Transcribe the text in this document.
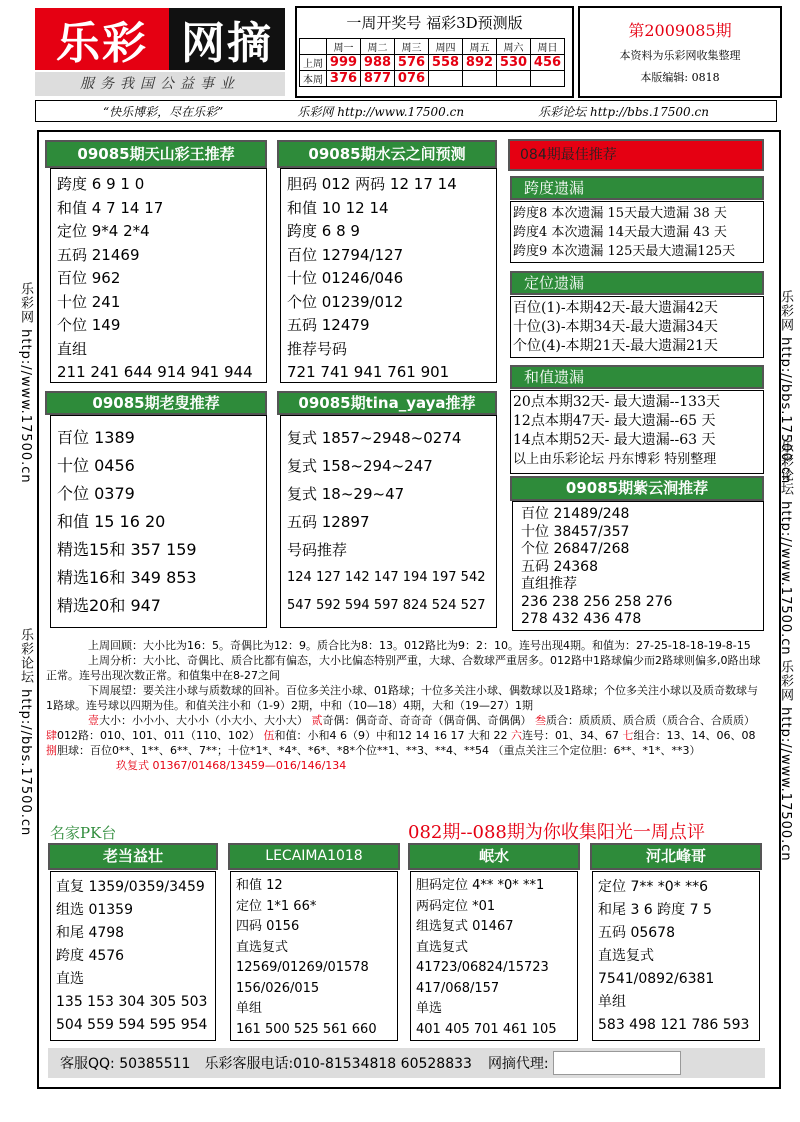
乐彩 网摘
服务我国公益事业
一周开奖号 福彩3D预测版
	周一	周二	周三	周四	周五	周六	周日
上周	999	988	576	558	892	530	456
本周	376	877	076				
第2009085期
本资料为乐彩网收集整理
本版编辑: 0818
“快乐博彩，尽在乐彩”	乐彩网 http://www.17500.cn	乐彩论坛 http://bbs.17500.cn
乐彩网 http://www.17500.cn
乐彩论坛 http://bbs.17500.cn
乐彩网 http://bbs.17500.cn
乐彩论坛 http://www.17500.cn
乐彩网 http://www.17500.cn
09085期天山彩王推荐
跨度 6 9 1 0
和值 4 7 14 17
定位 9*4 2*4
五码 21469
百位 962
十位 241
个位 149
直组
211 241 644 914 941 944
09085期水云之间预测
胆码 012 两码 12 17 14
和值 10 12 14
跨度 6 8 9
百位 12794/127
十位 01246/046
个位 01239/012
五码 12479
推荐号码
721 741 941 761 901
084期最佳推荐
跨度遗漏
跨度8 本次遗漏 15天最大遗漏 38 天
跨度4 本次遗漏 14天最大遗漏 43 天
跨度9 本次遗漏 125天最大遗漏125天
定位遗漏
百位(1)-本期42天-最大遗漏42天
十位(3)-本期34天-最大遗漏34天
个位(4)-本期21天-最大遗漏21天
和值遗漏
20点本期32天- 最大遗漏--133天
12点本期47天- 最大遗漏--65 天
14点本期52天- 最大遗漏--63 天
以上由乐彩论坛 丹东博彩 特别整理
09085期老叟推荐
百位 1389
十位 0456
个位 0379
和值 15 16 20
精选15和 357 159
精选16和 349 853
精选20和 947
09085期tina_yaya推荐
复式 1857~2948~0274
复式 158~294~247
复式 18~29~47
五码 12897
号码推荐
124 127 142 147 194 197 542
547 592 594 597 824 524 527
09085期紫云涧推荐
百位 21489/248
十位 38457/357
个位 26847/268
五码 24368
直组推荐
236 238 256 258 276
278 432 436 478
上周回顾：大小比为16：5。奇偶比为12：9。质合比为8：13。012路比为9：2：10。连号出现4期。和值为：27-25-18-18-19-8-15
上周分析：大小比、奇偶比、质合比都有偏态，大小比偏态特别严重，大球、合数球严重居多。012路中1路球偏少而2路球则偏多,0路出球正常。连号出现次数正常。和值集中在8-27之间
下周展望：要关注小球与质数球的回补。百位多关注小球、01路球；十位多关注小球、偶数球以及1路球；个位多关注小球以及质奇数球与1路球。连号球以四期为佳。和值关注小和（1-9）2期，中和（10—18）4期，大和（19—27）1期
壹大小：小小小、大小小（小大小、大小大） 贰奇偶：偶奇奇、奇奇奇（偶奇偶、奇偶偶） 叁质合：质质质、质合质（质合合、合质质） 肆012路：010、101、011（110、102） 伍和值：小和4 6（9）中和12 14 16 17 大和 22 六连号：01、34、67 七组合：13、14、06、08 捌胆球：百位0**、1**、6**、7**；十位*1*、*4*、*6*、*8*个位**1、**3、**4、**54 （重点关注三个定位胆：6**、*1*、**3）
玖复式 01367/01468/13459—016/146/134
名家PK台	082期--088期为你收集阳光一周点评
老当益壮
直复 1359/0359/3459
组选 01359
和尾 4798
跨度 4576
直选
135 153 304 305 503
504 559 594 595 954
LECAIMA1018
和值 12
定位 1*1 66*
四码 0156
直选复式
12569/01269/01578
156/026/015
单组
161 500 525 561 660
岷水
胆码定位 4** *0* **1
两码定位 *01
组选复式 01467
直选复式
41723/06824/15723
417/068/157
单选
401 405 701 461 105
河北峰哥
定位 7** *0* **6
和尾 3 6 跨度 7 5
五码 05678
直选复式
7541/0892/6381
单组
583 498 121 786 593
客服QQ: 50385511 乐彩客服电话:010-81534818 60528833 网摘代理:
